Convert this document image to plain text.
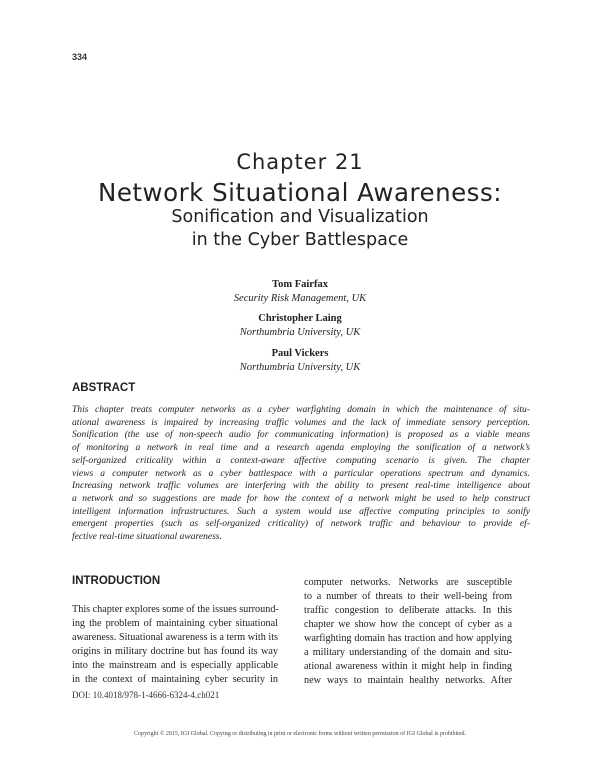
334
Chapter 21
Network Situational Awareness:
Sonification and Visualization
in the Cyber Battlespace
Tom Fairfax
Security Risk Management, UK
Christopher Laing
Northumbria University, UK
Paul Vickers
Northumbria University, UK
ABSTRACT
This chapter treats computer networks as a cyber warfighting domain in which the maintenance of situ-
ational awareness is impaired by increasing traffic volumes and the lack of immediate sensory perception.
Sonification (the use of non-speech audio for communicating information) is proposed as a viable means
of monitoring a network in real time and a research agenda employing the sonification of a network’s
self-organized criticality within a context-aware affective computing scenario is given. The chapter
views a computer network as a cyber battlespace with a particular operations spectrum and dynamics.
Increasing network traffic volumes are interfering with the ability to present real-time intelligence about
a network and so suggestions are made for how the context of a network might be used to help construct
intelligent information infrastructures. Such a system would use affective computing principles to sonify
emergent properties (such as self-organized criticality) of network traffic and behaviour to provide ef-
fective real-time situational awareness.
INTRODUCTION
This chapter explores some of the issues surround-
ing the problem of maintaining cyber situational
awareness. Situational awareness is a term with its
origins in military doctrine but has found its way
into the mainstream and is especially applicable
in the context of maintaining cyber security in
computer networks. Networks are susceptible
to a number of threats to their well-being from
traffic congestion to deliberate attacks. In this
chapter we show how the concept of cyber as a
warfighting domain has traction and how applying
a military understanding of the domain and situ-
ational awareness within it might help in finding
new ways to maintain healthy networks. After
DOI: 10.4018/978-1-4666-6324-4.ch021
Copyright © 2015, IGI Global. Copying or distributing in print or electronic forms without written permission of IGI Global is prohibited.
